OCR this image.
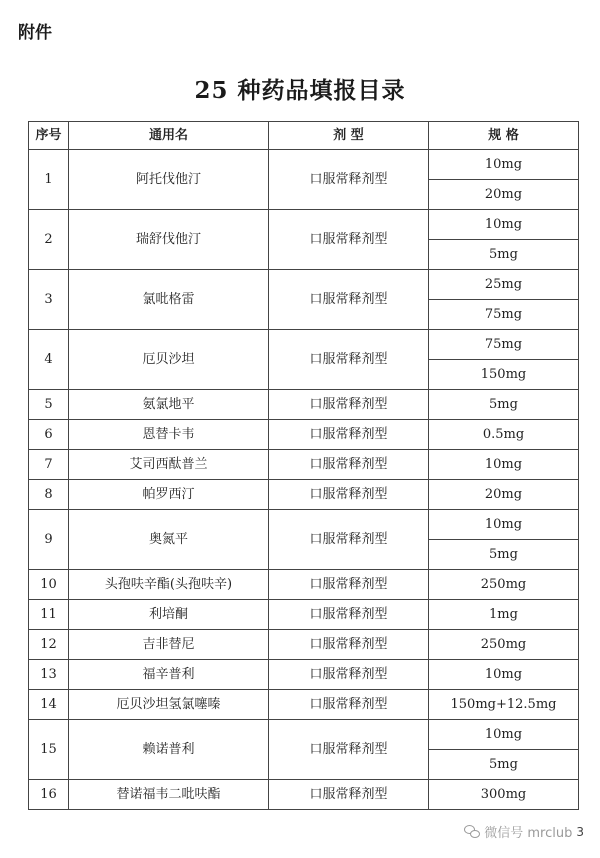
附件
25 种药品填报目录
序号	通用名	剂 型	规 格
1	阿托伐他汀	口服常释剂型	10mg
			20mg
2	瑞舒伐他汀	口服常释剂型	10mg
			5mg
3	氯吡格雷	口服常释剂型	25mg
			75mg
4	厄贝沙坦	口服常释剂型	75mg
			150mg
5	氨氯地平	口服常释剂型	5mg
6	恩替卡韦	口服常释剂型	0.5mg
7	艾司西酞普兰	口服常释剂型	10mg
8	帕罗西汀	口服常释剂型	20mg
9	奥氮平	口服常释剂型	10mg
			5mg
10	头孢呋辛酯(头孢呋辛)	口服常释剂型	250mg
11	利培酮	口服常释剂型	1mg
12	吉非替尼	口服常释剂型	250mg
13	福辛普利	口服常释剂型	10mg
14	厄贝沙坦氢氯噻嗪	口服常释剂型	150mg+12.5mg
15	赖诺普利	口服常释剂型	10mg
			5mg
16	替诺福韦二吡呋酯	口服常释剂型	300mg
微信号 mrclub 3
